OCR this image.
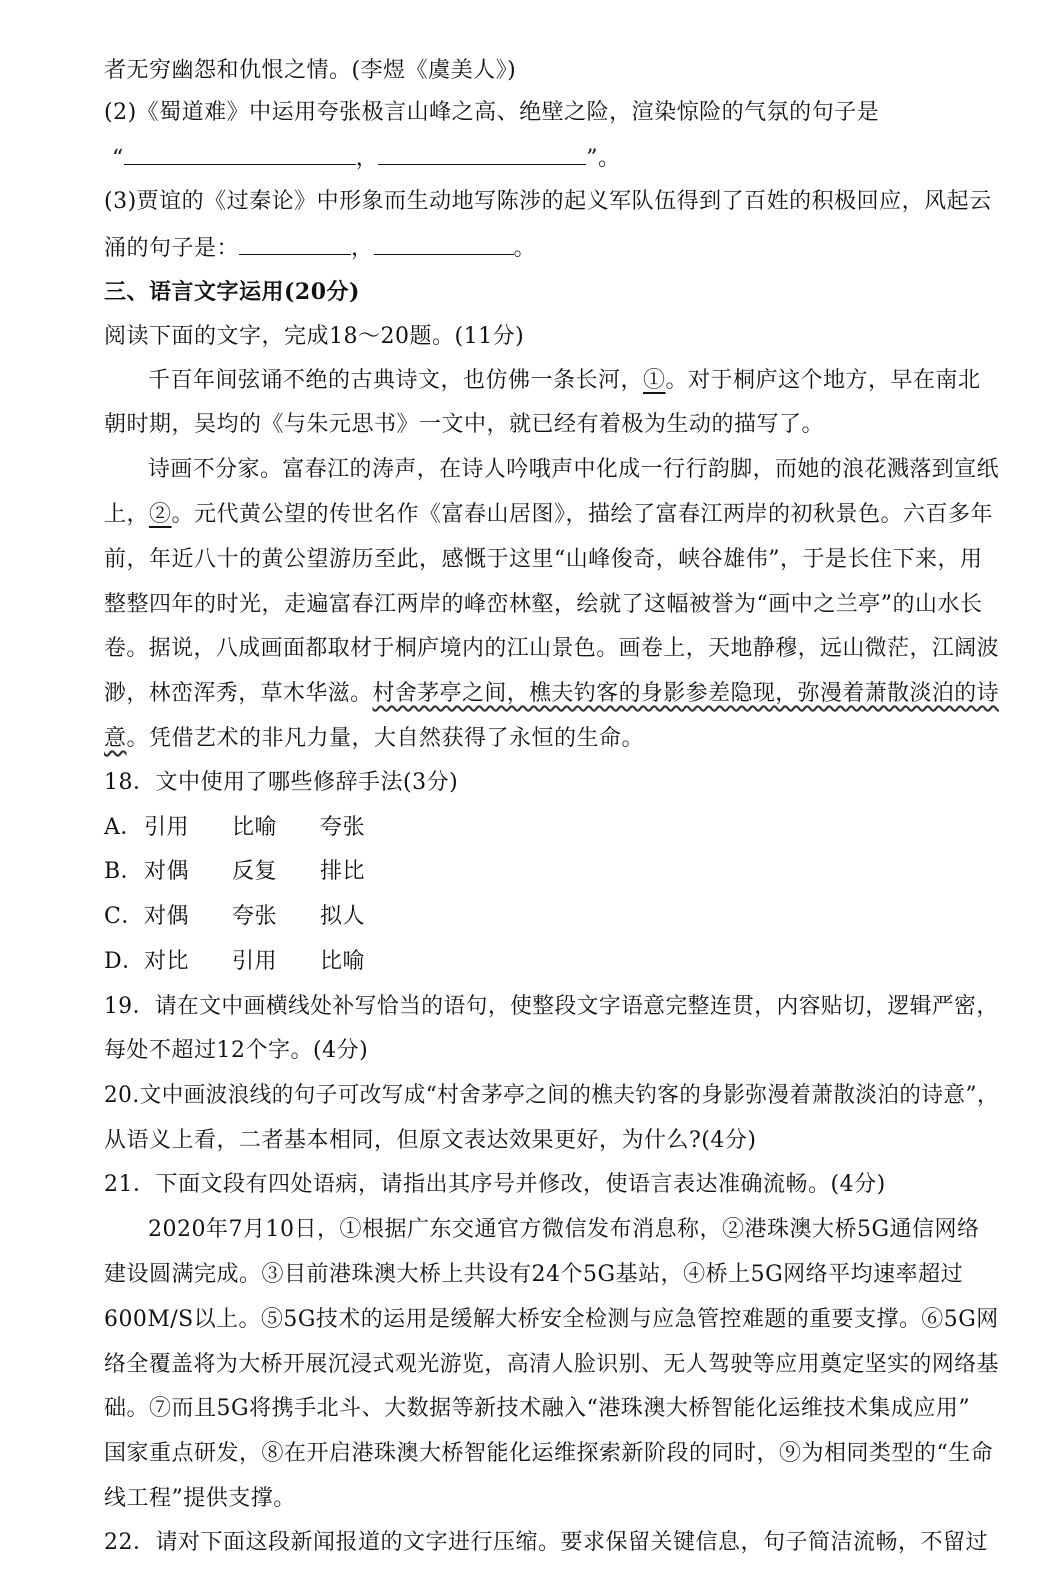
者无穷幽怨和仇恨之情。(李煜《虞美人》)
(2)《蜀道难》中运用夸张极言山峰之高、绝壁之险，渲染惊险的气氛的句子是
“	，	”。
(3)贾谊的《过秦论》中形象而生动地写陈涉的起义军队伍得到了百姓的积极回应，风起云
涌的句子是：	，	。
三、语言文字运用(20分)
阅读下面的文字，完成18～20题。(11分)
千百年间弦诵不绝的古典诗文，也仿佛一条长河，①。对于桐庐这个地方，早在南北
朝时期，吴均的《与朱元思书》一文中，就已经有着极为生动的描写了。
诗画不分家。富春江的涛声，在诗人吟哦声中化成一行行韵脚，而她的浪花溅落到宣纸
上，②。元代黄公望的传世名作《富春山居图》，描绘了富春江两岸的初秋景色。六百多年
前，年近八十的黄公望游历至此，感慨于这里“山峰俊奇，峡谷雄伟”，于是长住下来，用
整整四年的时光，走遍富春江两岸的峰峦林壑，绘就了这幅被誉为“画中之兰亭”的山水长
卷。据说，八成画面都取材于桐庐境内的江山景色。画卷上，天地静穆，远山微茫，江阔波
渺，林峦浑秀，草木华滋。村舍茅亭之间，樵夫钓客的身影参差隐现，弥漫着萧散淡泊的诗
意。凭借艺术的非凡力量，大自然获得了永恒的生命。
18．文中使用了哪些修辞手法(3分)
A．引用 比喻 夸张
B．对偶 反复 排比
C．对偶 夸张 拟人
D．对比 引用 比喻
19．请在文中画横线处补写恰当的语句，使整段文字语意完整连贯，内容贴切，逻辑严密，
每处不超过12个字。(4分)
20.文中画波浪线的句子可改写成“村舍茅亭之间的樵夫钓客的身影弥漫着萧散淡泊的诗意”，
从语义上看，二者基本相同，但原文表达效果更好，为什么?(4分)
21．下面文段有四处语病，请指出其序号并修改，使语言表达准确流畅。(4分)
2020年7月10日，①根据广东交通官方微信发布消息称，②港珠澳大桥5G通信网络
建设圆满完成。③目前港珠澳大桥上共设有24个5G基站，④桥上5G网络平均速率超过
600M/S以上。⑤5G技术的运用是缓解大桥安全检测与应急管控难题的重要支撑。⑥5G网
络全覆盖将为大桥开展沉浸式观光游览，高清人脸识别、无人驾驶等应用奠定坚实的网络基
础。⑦而且5G将携手北斗、大数据等新技术融入“港珠澳大桥智能化运维技术集成应用”
国家重点研发，⑧在开启港珠澳大桥智能化运维探索新阶段的同时，⑨为相同类型的“生命
线工程”提供支撑。
22．请对下面这段新闻报道的文字进行压缩。要求保留关键信息，句子简洁流畅，不留过
